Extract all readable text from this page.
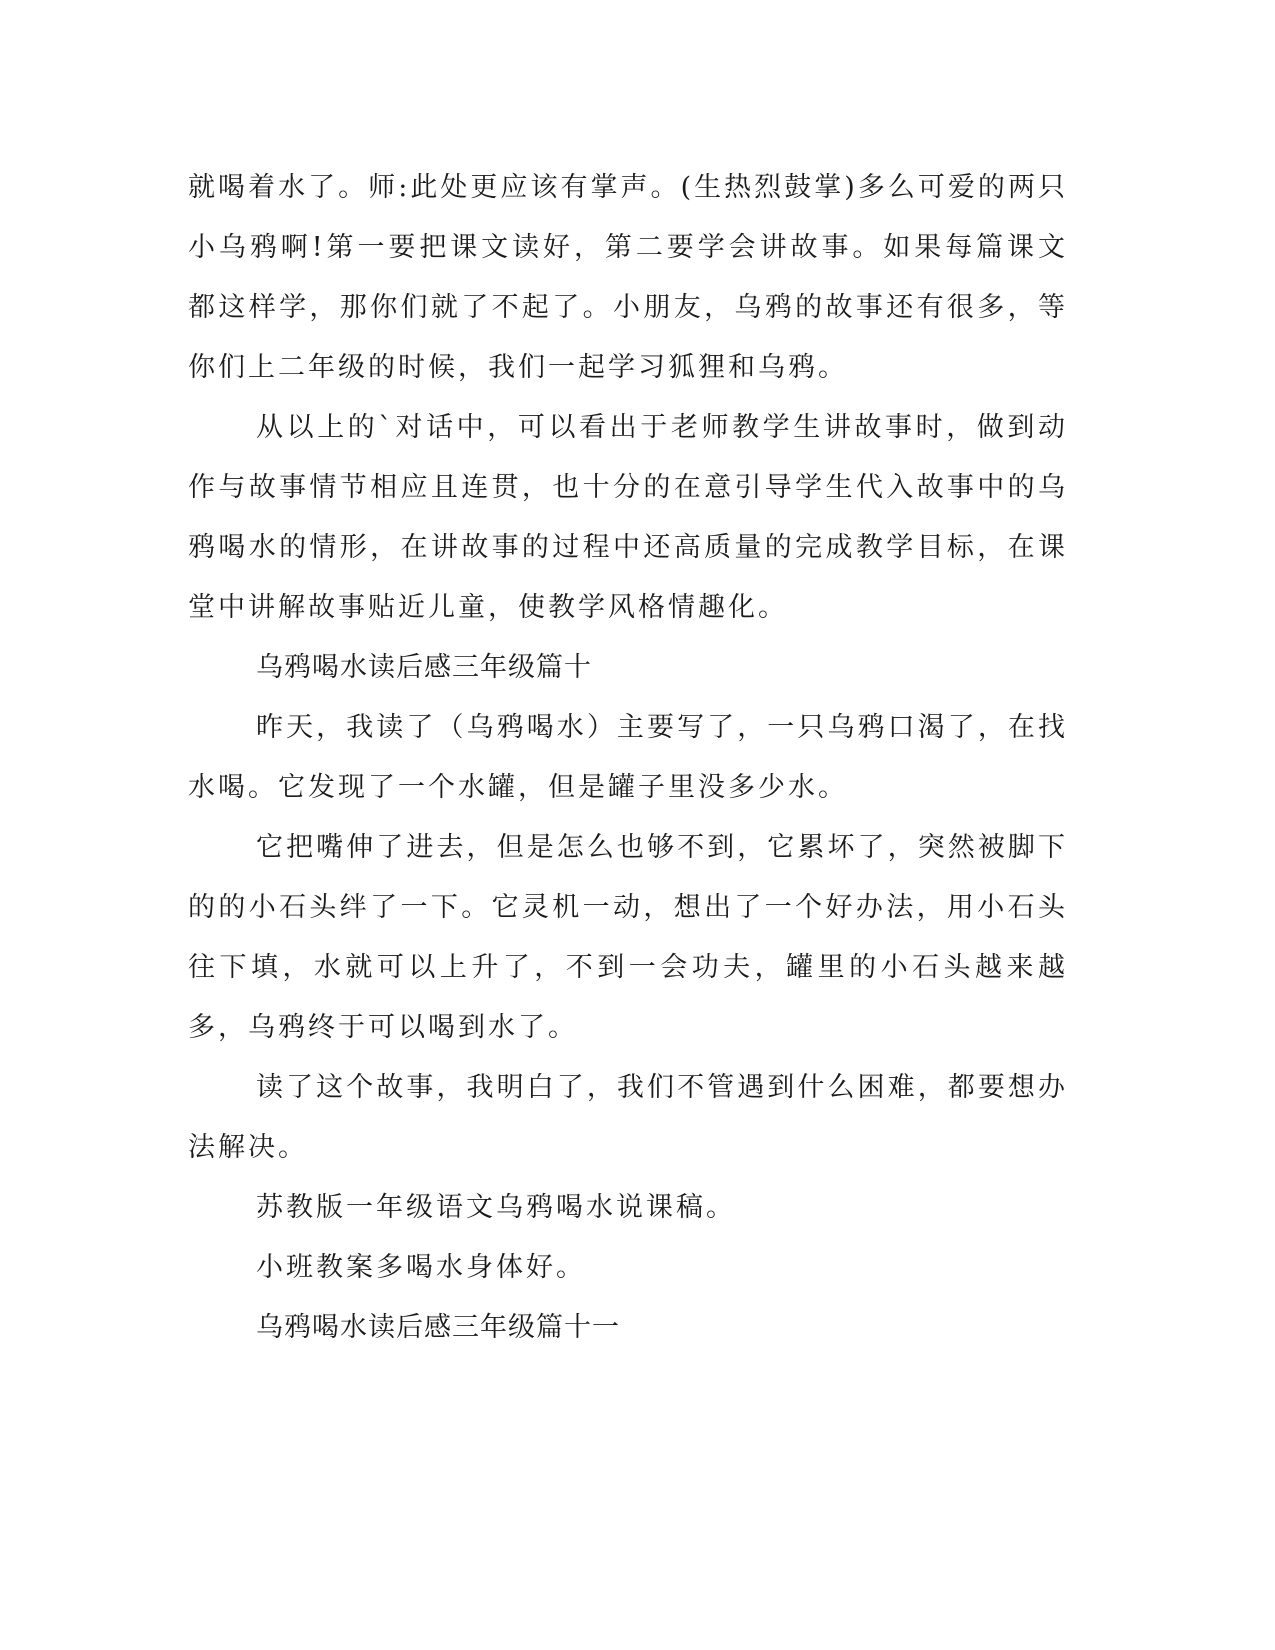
就喝着水了。师:此处更应该有掌声。(生热烈鼓掌)多么可爱的两只小乌鸦啊!第一要把课文读好，第二要学会讲故事。如果每篇课文都这样学，那你们就了不起了。小朋友，乌鸦的故事还有很多，等你们上二年级的时候，我们一起学习狐狸和乌鸦。

从以上的`对话中，可以看出于老师教学生讲故事时，做到动作与故事情节相应且连贯，也十分的在意引导学生代入故事中的乌鸦喝水的情形，在讲故事的过程中还高质量的完成教学目标，在课堂中讲解故事贴近儿童，使教学风格情趣化。

乌鸦喝水读后感三年级篇十

昨天，我读了（乌鸦喝水）主要写了，一只乌鸦口渴了，在找水喝。它发现了一个水罐，但是罐子里没多少水。

它把嘴伸了进去，但是怎么也够不到，它累坏了，突然被脚下的的小石头绊了一下。它灵机一动，想出了一个好办法，用小石头往下填，水就可以上升了，不到一会功夫，罐里的小石头越来越多，乌鸦终于可以喝到水了。

读了这个故事，我明白了，我们不管遇到什么困难，都要想办法解决。

苏教版一年级语文乌鸦喝水说课稿。

小班教案多喝水身体好。

乌鸦喝水读后感三年级篇十一
